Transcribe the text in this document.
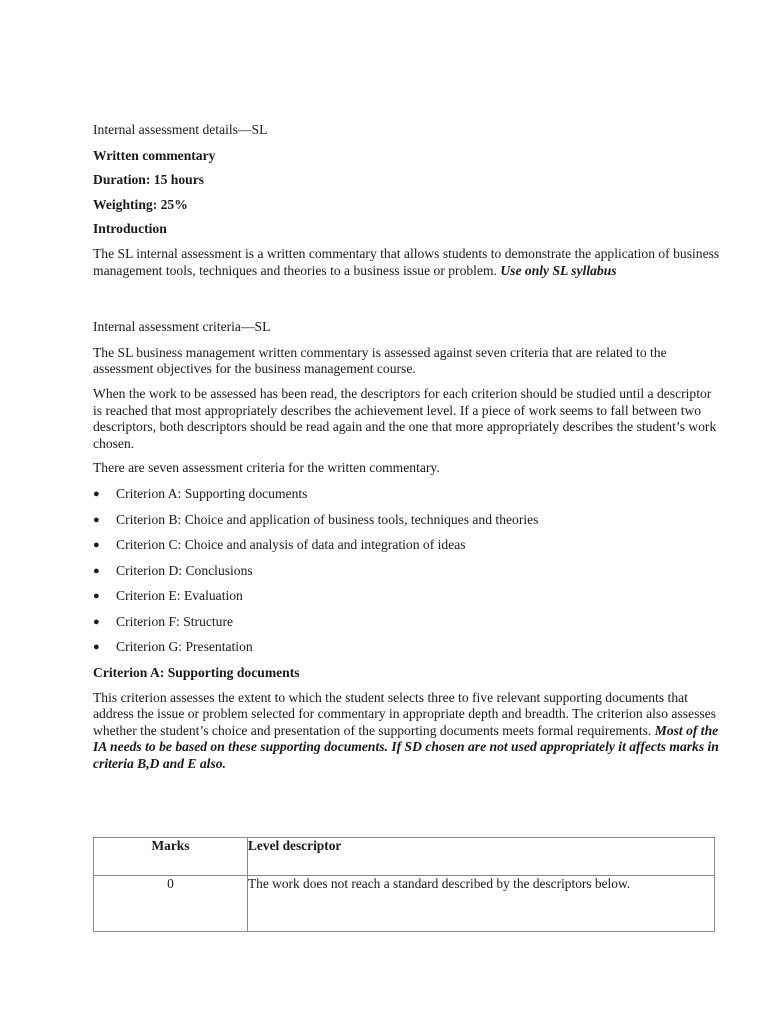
Internal assessment details—SL

Written commentary

Duration: 15 hours

Weighting: 25%

Introduction

The SL internal assessment is a written commentary that allows students to demonstrate the application of business management tools, techniques and theories to a business issue or problem. Use only SL syllabus

Internal assessment criteria—SL

The SL business management written commentary is assessed against seven criteria that are related to the assessment objectives for the business management course.

When the work to be assessed has been read, the descriptors for each criterion should be studied until a descriptor is reached that most appropriately describes the achievement level. If a piece of work seems to fall between two descriptors, both descriptors should be read again and the one that more appropriately describes the student’s work chosen.

There are seven assessment criteria for the written commentary.

● Criterion A: Supporting documents
● Criterion B: Choice and application of business tools, techniques and theories
● Criterion C: Choice and analysis of data and integration of ideas
● Criterion D: Conclusions
● Criterion E: Evaluation
● Criterion F: Structure
● Criterion G: Presentation

Criterion A: Supporting documents

This criterion assesses the extent to which the student selects three to five relevant supporting documents that address the issue or problem selected for commentary in appropriate depth and breadth. The criterion also assesses whether the student’s choice and presentation of the supporting documents meets formal requirements. Most of the IA needs to be based on these supporting documents. If SD chosen are not used appropriately it affects marks in criteria B,D and E also.

Marks	Level descriptor
0	The work does not reach a standard described by the descriptors below.
